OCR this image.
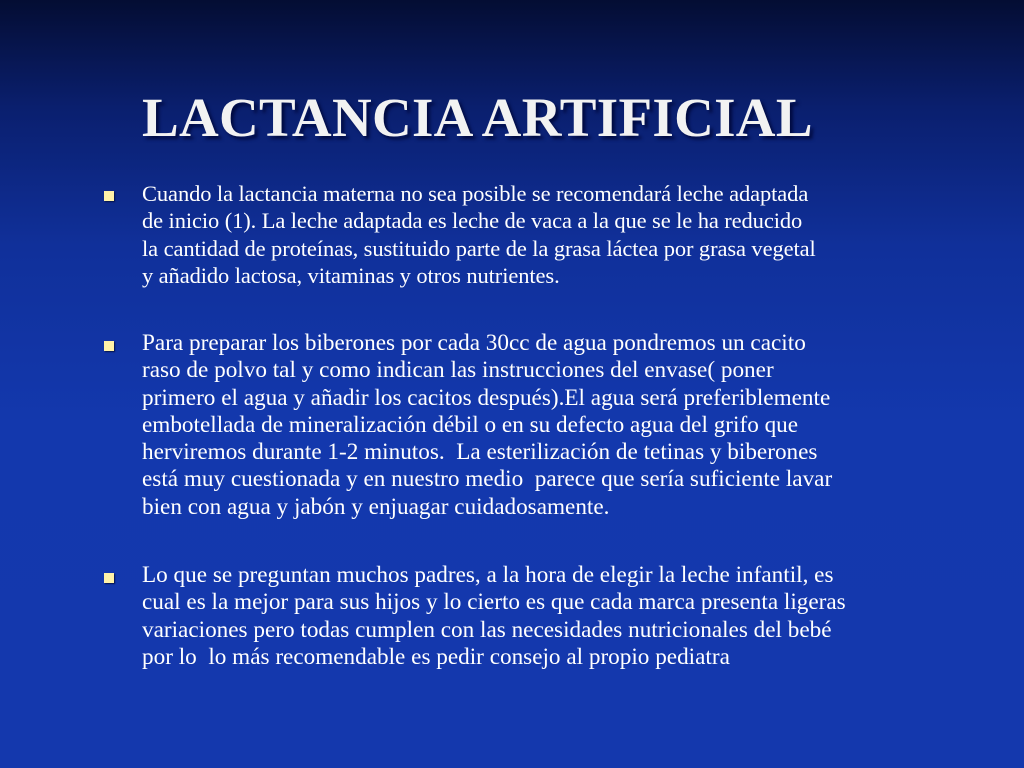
LACTANCIA ARTIFICIAL

Cuando la lactancia materna no sea posible se recomendará leche adaptada
de inicio (1). La leche adaptada es leche de vaca a la que se le ha reducido
la cantidad de proteínas, sustituido parte de la grasa láctea por grasa vegetal
y añadido lactosa, vitaminas y otros nutrientes.

Para preparar los biberones por cada 30cc de agua pondremos un cacito
raso de polvo tal y como indican las instrucciones del envase( poner
primero el agua y añadir los cacitos después).El agua será preferiblemente
embotellada de mineralización débil o en su defecto agua del grifo que
herviremos durante 1-2 minutos.  La esterilización de tetinas y biberones
está muy cuestionada y en nuestro medio  parece que sería suficiente lavar
bien con agua y jabón y enjuagar cuidadosamente.

Lo que se preguntan muchos padres, a la hora de elegir la leche infantil, es
cual es la mejor para sus hijos y lo cierto es que cada marca presenta ligeras
variaciones pero todas cumplen con las necesidades nutricionales del bebé
por lo  lo más recomendable es pedir consejo al propio pediatra
